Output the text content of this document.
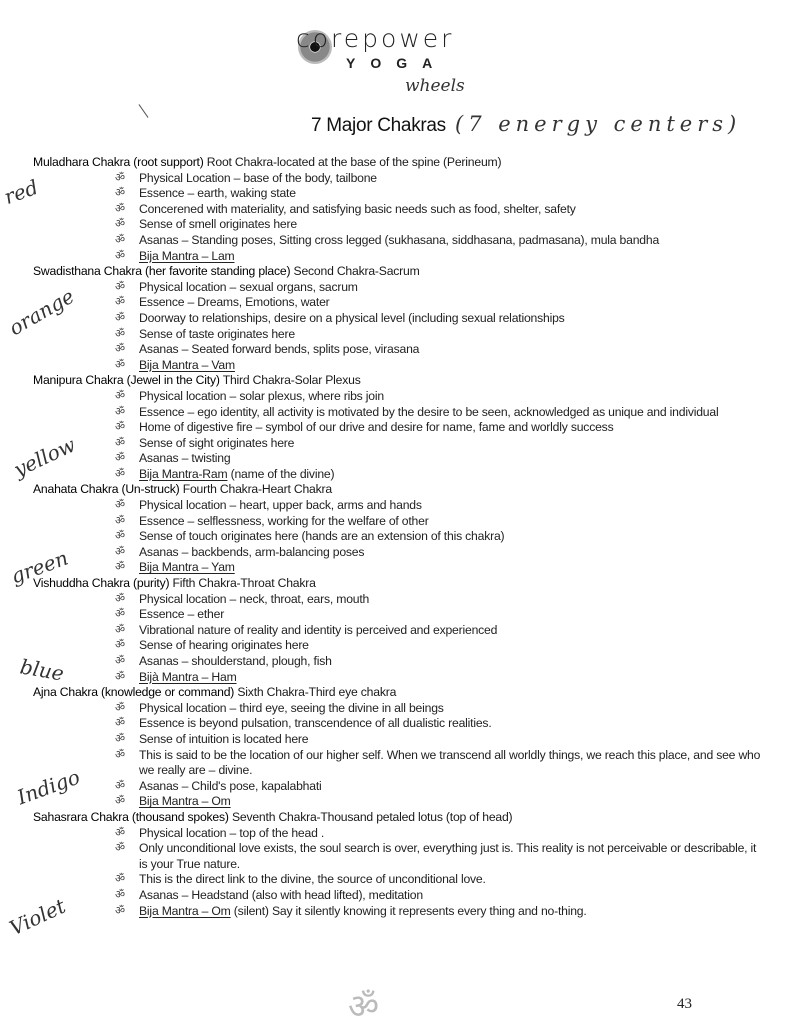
corepower
YOGA
wheels
7 Major Chakras (7 energy centers)
Muladhara Chakra (root support) Root Chakra-located at the base of the spine (Perineum)
ॐ Physical Location – base of the body, tailbone
ॐ Essence – earth, waking state
ॐ Concerened with materiality, and satisfying basic needs such as food, shelter, safety
ॐ Sense of smell originates here
ॐ Asanas – Standing poses, Sitting cross legged (sukhasana, siddhasana, padmasana), mula bandha
ॐ Bija Mantra – Lam
Swadisthana Chakra (her favorite standing place) Second Chakra-Sacrum
ॐ Physical location – sexual organs, sacrum
ॐ Essence – Dreams, Emotions, water
ॐ Doorway to relationships, desire on a physical level (including sexual relationships
ॐ Sense of taste originates here
ॐ Asanas – Seated forward bends, splits pose, virasana
ॐ Bija Mantra – Vam
Manipura Chakra (Jewel in the City) Third Chakra-Solar Plexus
ॐ Physical location – solar plexus, where ribs join
ॐ Essence – ego identity, all activity is motivated by the desire to be seen, acknowledged as unique and individual
ॐ Home of digestive fire – symbol of our drive and desire for name, fame and worldly success
ॐ Sense of sight originates here
ॐ Asanas – twisting
ॐ Bija Mantra-Ram (name of the divine)
Anahata Chakra (Un-struck) Fourth Chakra-Heart Chakra
ॐ Physical location – heart, upper back, arms and hands
ॐ Essence – selflessness, working for the welfare of other
ॐ Sense of touch originates here (hands are an extension of this chakra)
ॐ Asanas – backbends, arm-balancing poses
ॐ Bija Mantra – Yam
Vishuddha Chakra (purity) Fifth Chakra-Throat Chakra
ॐ Physical location – neck, throat, ears, mouth
ॐ Essence – ether
ॐ Vibrational nature of reality and identity is perceived and experienced
ॐ Sense of hearing originates here
ॐ Asanas – shoulderstand, plough, fish
ॐ Bijà Mantra – Ham
Ajna Chakra (knowledge or command) Sixth Chakra-Third eye chakra
ॐ Physical location – third eye, seeing the divine in all beings
ॐ Essence is beyond pulsation, transcendence of all dualistic realities.
ॐ Sense of intuition is located here
ॐ This is said to be the location of our higher self. When we transcend all worldly things, we reach this place, and see who we really are – divine.
ॐ Asanas – Child's pose, kapalabhati
ॐ Bija Mantra – Om
Sahasrara Chakra (thousand spokes) Seventh Chakra-Thousand petaled lotus (top of head)
ॐ Physical location – top of the head .
ॐ Only unconditional love exists, the soul search is over, everything just is. This reality is not perceivable or describable, it is your True nature.
ॐ This is the direct link to the divine, the source of unconditional love.
ॐ Asanas – Headstand (also with head lifted), meditation
ॐ Bija Mantra – Om (silent) Say it silently knowing it represents every thing and no-thing.
ॐ	43
red
orange
yellow
green
blue
Indigo
Violet
